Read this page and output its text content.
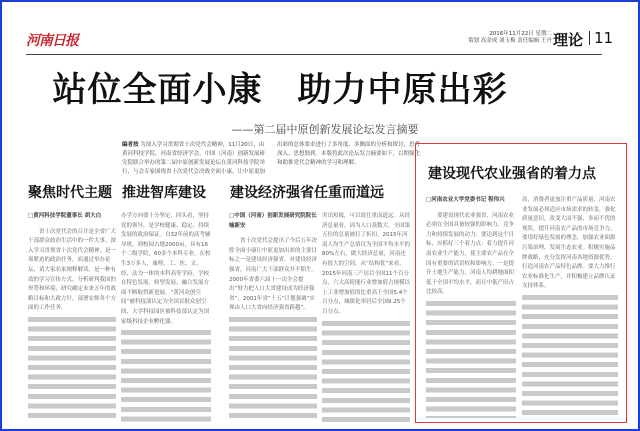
河南日报	2016年11月22日 星期二
策划 高金成 刘玉梅 责任编辑 王丹 理论 11
站位全面小康　助力中原出彩
——第二届中原创新发展论坛发言摘要
编者按 为深入学习贯彻省十次党代会精神，11月20日，由黄河科技学院、河南省经济学会、中国（河南）创新发展研究院联合举办的第二届中原创新发展论坛在黄河科技学院举行，与会专家围绕省十次党代会决战全面小康、让中原更加出彩的总体要求进行了多角度、多侧面的分析和探讨，思考深入、思想独到。本版将此次论坛发言摘要如下，以期强化和助推党代会精神的学习和理解。
聚焦时代主题 推进智库建设 建设经济强省任重而道远
建设现代农业强省的着力点
□黄河科技学院董事长 胡大白

省十次党代会的召开是全省广大干部群众政治生活中的一件大事。深入学习贯彻省十次党代会精神，是一项紧迫的政治任务，而通过举办论坛，请大家名家阐释解读，是一种有效的学习宣传方式。分析研判我国的形势和环境，研究确定未来五年的战略目标和大政方针，部署安排各个方面的工作任务。

办学方向要十分坚定，回头看，坚持党的领导，是学校健康、稳定、持续发展的政治保证。自32年前的高考辅导班，到校园占地2000亩，具有16个二级学院，60多个本科专业，在校生3万多人，兼理、工、医、文、经、法为一体的本科高等学府，学校在特色发展、转型发展、融合发展方面不断取得新进展。“黄河众创空间”被科技部认定为全国首批众创空间，大学科技园区被科技部认定为国家级科技企业孵化器。

□中国（河南）创新发展研究院院长 喻新安

省十次党代会提出了今后五年决胜全面小康让中原更加出彩的主要目标之一是建设经济强省。对建设经济强省，河南广大干部群众并不陌生。2000年省委六届十一次全会提出“努力把人口大省建设成为经济强省”，2001年省“十五”计划强调“实现由人口大省向经济强省跨越”。

突出短板，可以说任重而道远。从经济总量看，因为人口基数大，全国第五位的总量被打了折扣。2015年河南人均生产总值仅为全国平均水平的80%左右，做大经济总量，河南还有很大的空间。从“结构优”来看，2015年河南三产居后全国11个百分点，六大高耗能行业增加值占规模以上工业增加值的比重高于全国5.4个百分点，城镇化率居后全国9.25个百分点。

□河南农业大学党委书记 程伟兴

要建设现代农业强省，河南农业必须在全国具备较强的影响力、竞争力和持续发展的动力。要达到这个目标，应抓好三个着力点：着力提升河南农业生产能力，使主要农产品在全国有重要的话语权和影响力。一是提升土地生产能力。河南人均耕地面积低于全国平均水平，而且中低产田占比较高。

高，消费者更加注重产品质量，河南农业发展必须适应市场需求的转变，强化质量意识，改变大而不强、多而不优的现状，提升河南农产品的市场竞争力。要用好绿色发展的理念，加强农业面源污染治理，发展生态农业。积极实施品牌战略，充分发挥河南各地资源优势，打造河南农产品特色品牌。要大力推行农业标准化生产，并积极建立品牌认证支持体系。
